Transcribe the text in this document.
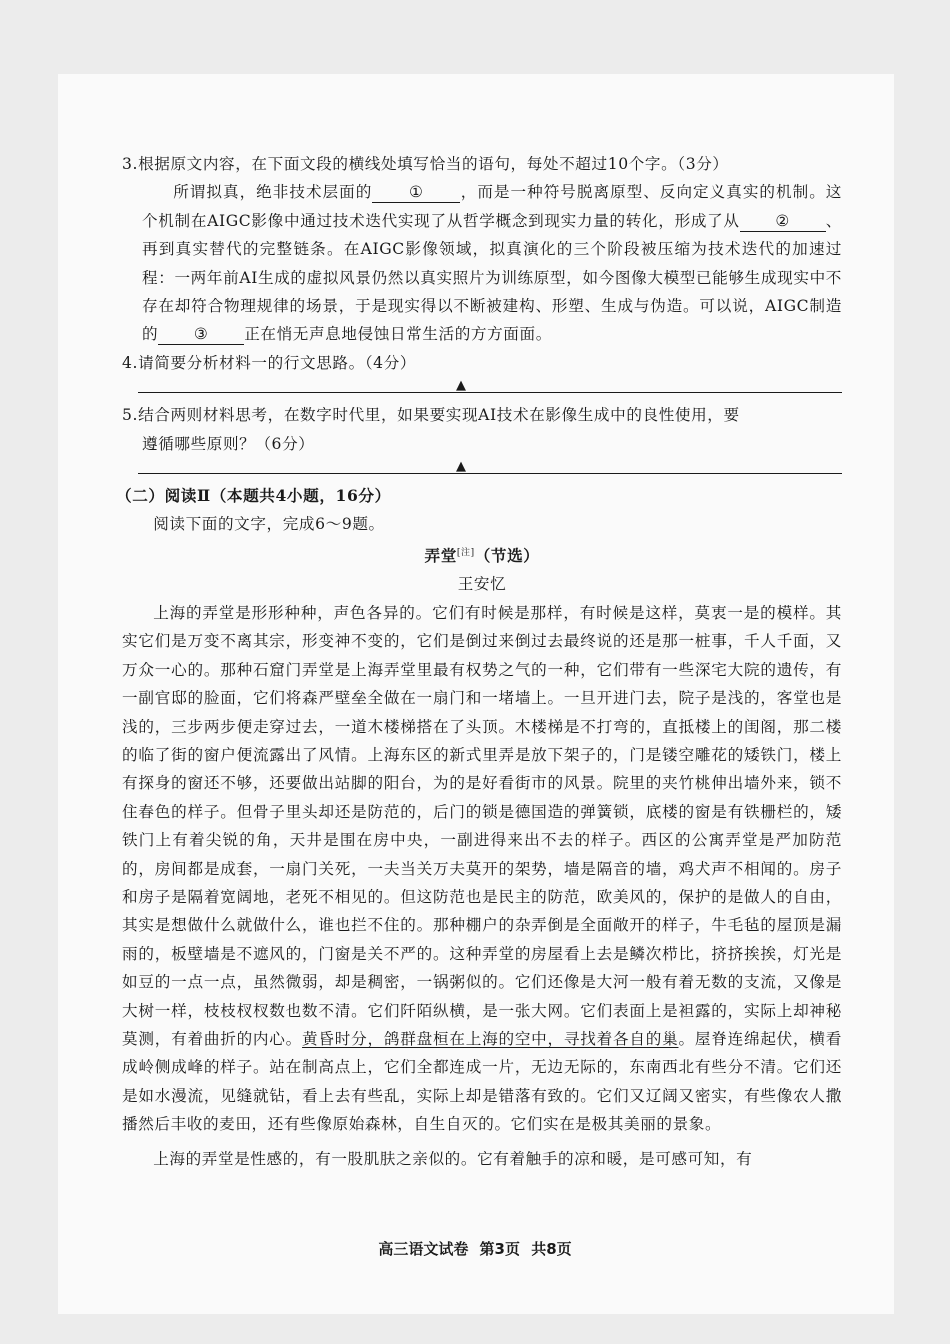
3.根据原文内容，在下面文段的横线处填写恰当的语句，每处不超过10个字。（3分）

所谓拟真，绝非技术层面的 ① ，而是一种符号脱离原型、反向定义真实的机制。这个机制在AIGC影像中通过技术迭代实现了从哲学概念到现实力量的转化，形成了从 ② 、再到真实替代的完整链条。在AIGC影像领域，拟真演化的三个阶段被压缩为技术迭代的加速过程：一两年前AI生成的虚拟风景仍然以真实照片为训练原型，如今图像大模型已能够生成现实中不存在却符合物理规律的场景，于是现实得以不断被建构、形塑、生成与伪造。可以说，AIGC制造的 ③ 正在悄无声息地侵蚀日常生活的方方面面。

4.请简要分析材料一的行文思路。（4分）

▲

5.结合两则材料思考，在数字时代里，如果要实现AI技术在影像生成中的良性使用，要
遵循哪些原则？（6分）

▲

（二）阅读Ⅱ（本题共4小题，16分）

阅读下面的文字，完成6～9题。

弄堂[注]（节选）

王安忆

上海的弄堂是形形种种，声色各异的。它们有时候是那样，有时候是这样，莫衷一是的模样。其实它们是万变不离其宗，形变神不变的，它们是倒过来倒过去最终说的还是那一桩事，千人千面，又万众一心的。那种石窟门弄堂是上海弄堂里最有权势之气的一种，它们带有一些深宅大院的遗传，有一副官邸的脸面，它们将森严壁垒全做在一扇门和一堵墙上。一旦开进门去，院子是浅的，客堂也是浅的，三步两步便走穿过去，一道木楼梯搭在了头顶。木楼梯是不打弯的，直抵楼上的闺阁，那二楼的临了街的窗户便流露出了风情。上海东区的新式里弄是放下架子的，门是镂空雕花的矮铁门，楼上有探身的窗还不够，还要做出站脚的阳台，为的是好看街市的风景。院里的夹竹桃伸出墙外来，锁不住春色的样子。但骨子里头却还是防范的，后门的锁是德国造的弹簧锁，底楼的窗是有铁栅栏的，矮铁门上有着尖锐的角，天井是围在房中央，一副进得来出不去的样子。西区的公寓弄堂是严加防范的，房间都是成套，一扇门关死，一夫当关万夫莫开的架势，墙是隔音的墙，鸡犬声不相闻的。房子和房子是隔着宽阔地，老死不相见的。但这防范也是民主的防范，欧美风的，保护的是做人的自由，其实是想做什么就做什么，谁也拦不住的。那种棚户的杂弄倒是全面敞开的样子，牛毛毡的屋顶是漏雨的，板壁墙是不遮风的，门窗是关不严的。这种弄堂的房屋看上去是鳞次栉比，挤挤挨挨，灯光是如豆的一点一点，虽然微弱，却是稠密，一锅粥似的。它们还像是大河一般有着无数的支流，又像是大树一样，枝枝杈杈数也数不清。它们阡陌纵横，是一张大网。它们表面上是袒露的，实际上却神秘莫测，有着曲折的内心。黄昏时分，鸽群盘桓在上海的空中，寻找着各自的巢。屋脊连绵起伏，横看成岭侧成峰的样子。站在制高点上，它们全都连成一片，无边无际的，东南西北有些分不清。它们还是如水漫流，见缝就钻，看上去有些乱，实际上却是错落有致的。它们又辽阔又密实，有些像农人撒播然后丰收的麦田，还有些像原始森林，自生自灭的。它们实在是极其美丽的景象。

上海的弄堂是性感的，有一股肌肤之亲似的。它有着触手的凉和暖，是可感可知，有

高三语文试卷 第3页 共8页
